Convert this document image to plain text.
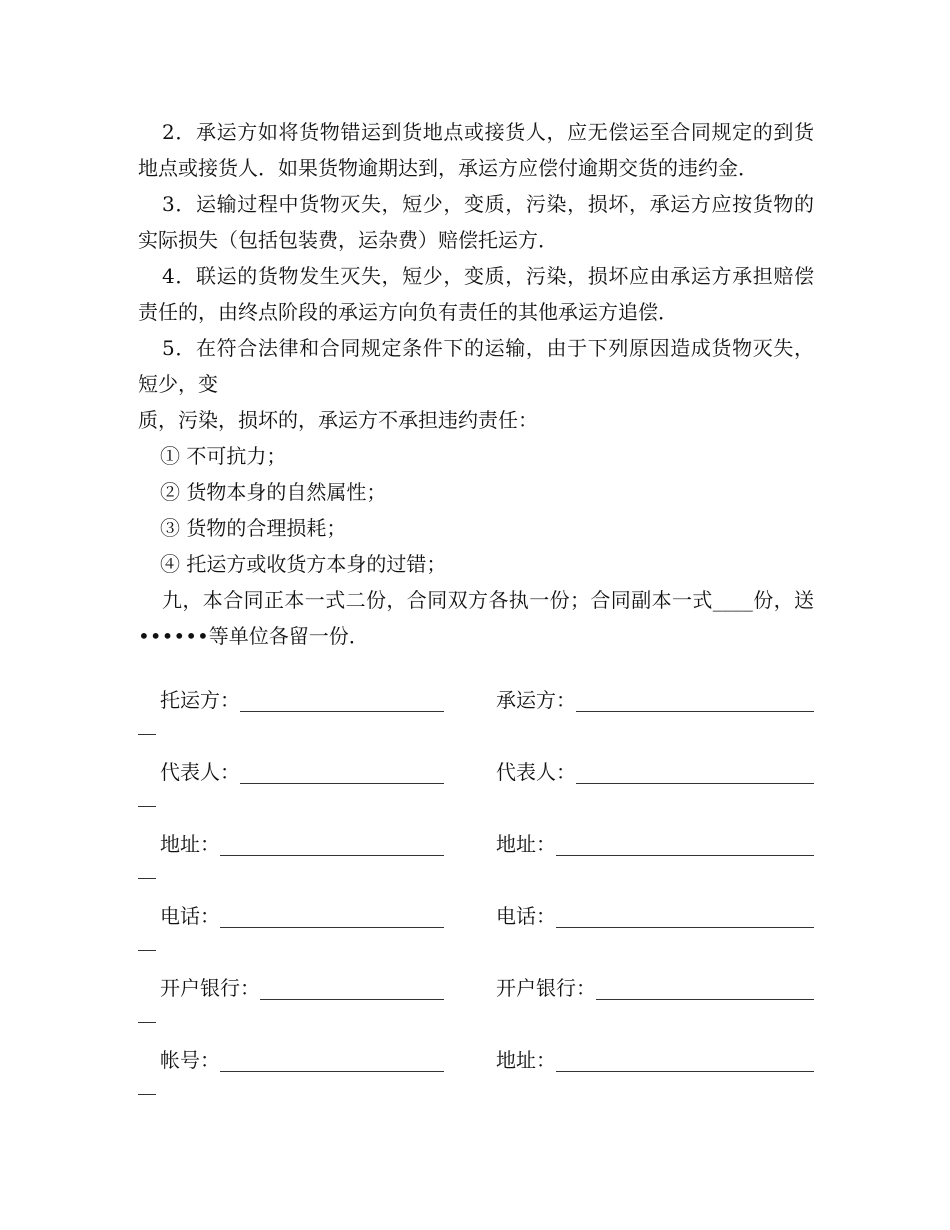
2．承运方如将货物错运到货地点或接货人，应无偿运至合同规定的到货地点或接货人．如果货物逾期达到，承运方应偿付逾期交货的违约金．

3．运输过程中货物灭失，短少，变质，污染，损坏，承运方应按货物的实际损失（包括包装费，运杂费）赔偿托运方．

4．联运的货物发生灭失，短少，变质，污染，损坏应由承运方承担赔偿责任的，由终点阶段的承运方向负有责任的其他承运方追偿．

5．在符合法律和合同规定条件下的运输，由于下列原因造成货物灭失，短少，变

质，污染，损坏的，承运方不承担违约责任：

① 不可抗力；

② 货物本身的自然属性；

③ 货物的合理损耗；

④ 托运方或收货方本身的过错；

九，本合同正本一式二份，合同双方各执一份；合同副本一式____份，送••••••等单位各留一份．

托运方：	承运方：
代表人：	代表人：
地址：	地址：
电话：	电话：
开户银行：	开户银行：
帐号：	地址：
